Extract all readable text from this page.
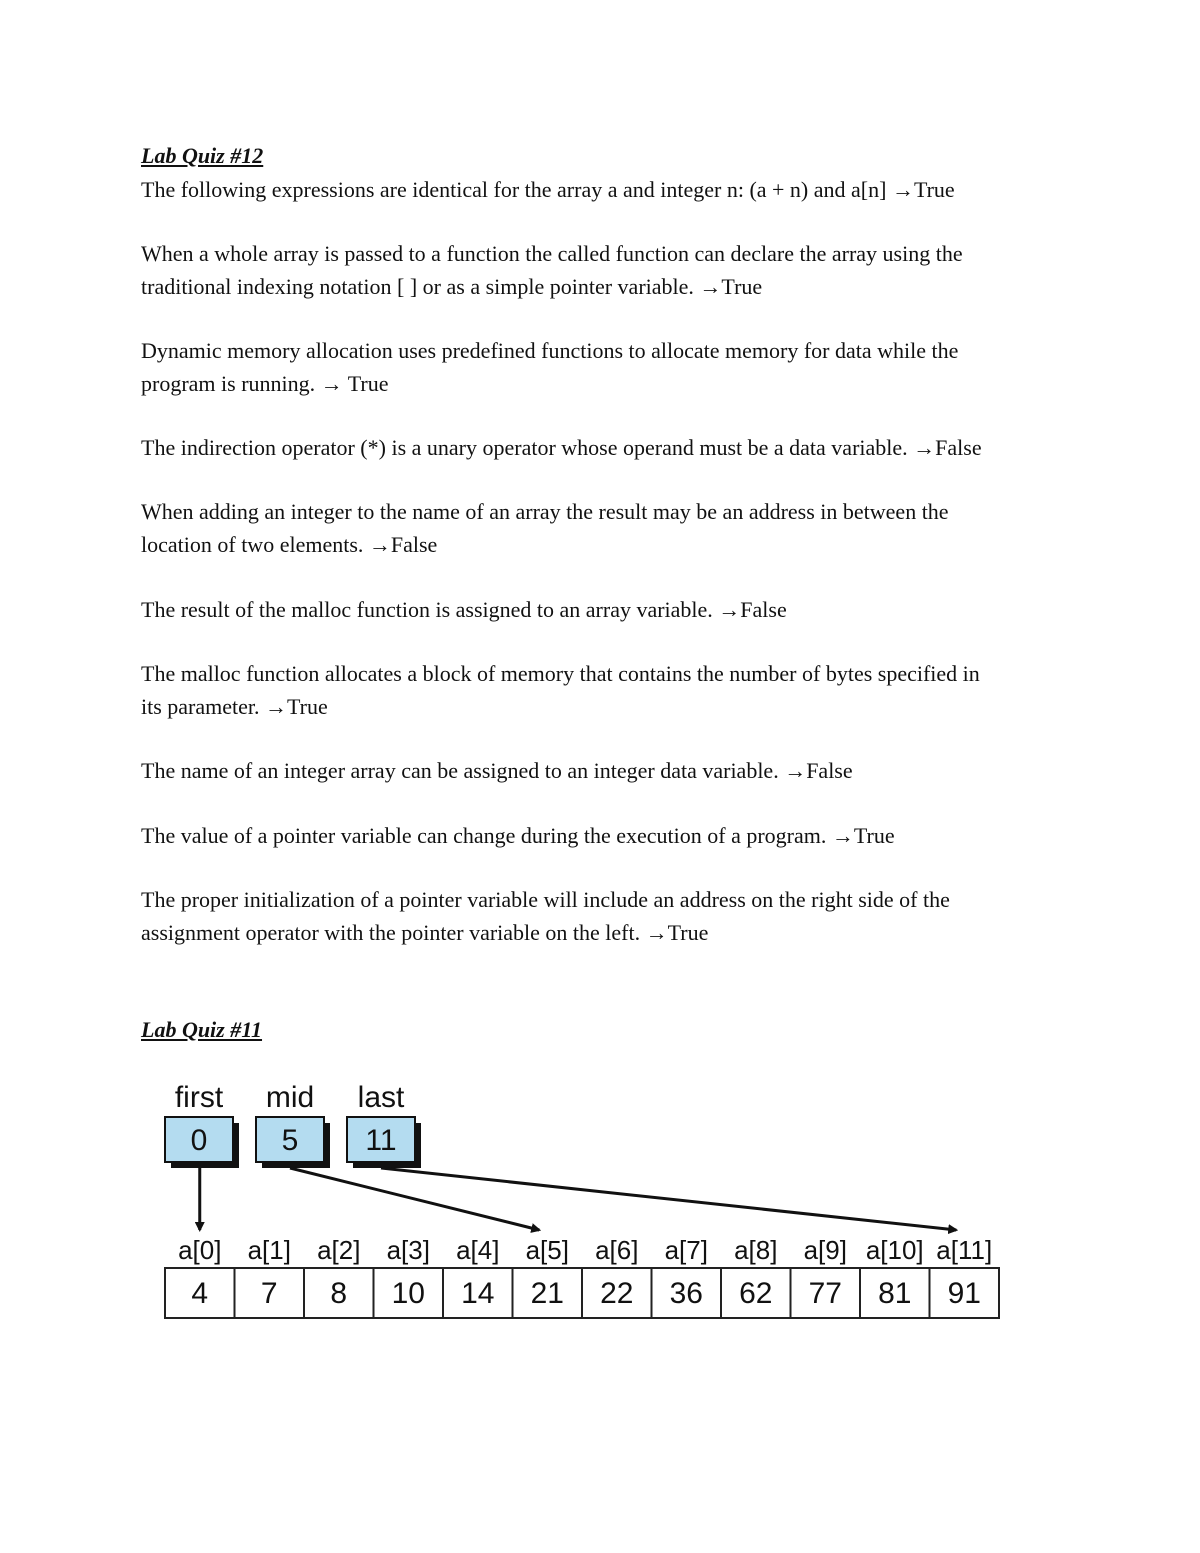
Lab Quiz #12

The following expressions are identical for the array a and integer n: (a + n) and a[n] →True

When a whole array is passed to a function the called function can declare the array using the
traditional indexing notation [ ] or as a simple pointer variable. →True

Dynamic memory allocation uses predefined functions to allocate memory for data while the
program is running. → True

The indirection operator (*) is a unary operator whose operand must be a data variable. →False

When adding an integer to the name of an array the result may be an address in between the
location of two elements. →False

The result of the malloc function is assigned to an array variable. →False

The malloc function allocates a block of memory that contains the number of bytes specified in
its parameter. →True

The name of an integer array can be assigned to an integer data variable. →False

The value of a pointer variable can change during the execution of a program. →True

The proper initialization of a pointer variable will include an address on the right side of the
assignment operator with the pointer variable on the left. →True

Lab Quiz #11
first
0
mid
5
last
11
a[0] a[1] a[2] a[3] a[4] a[5] a[6] a[7] a[8] a[9] a[10] a[11]
4 7 8 10 14 21 22 36 62 77 81 91
